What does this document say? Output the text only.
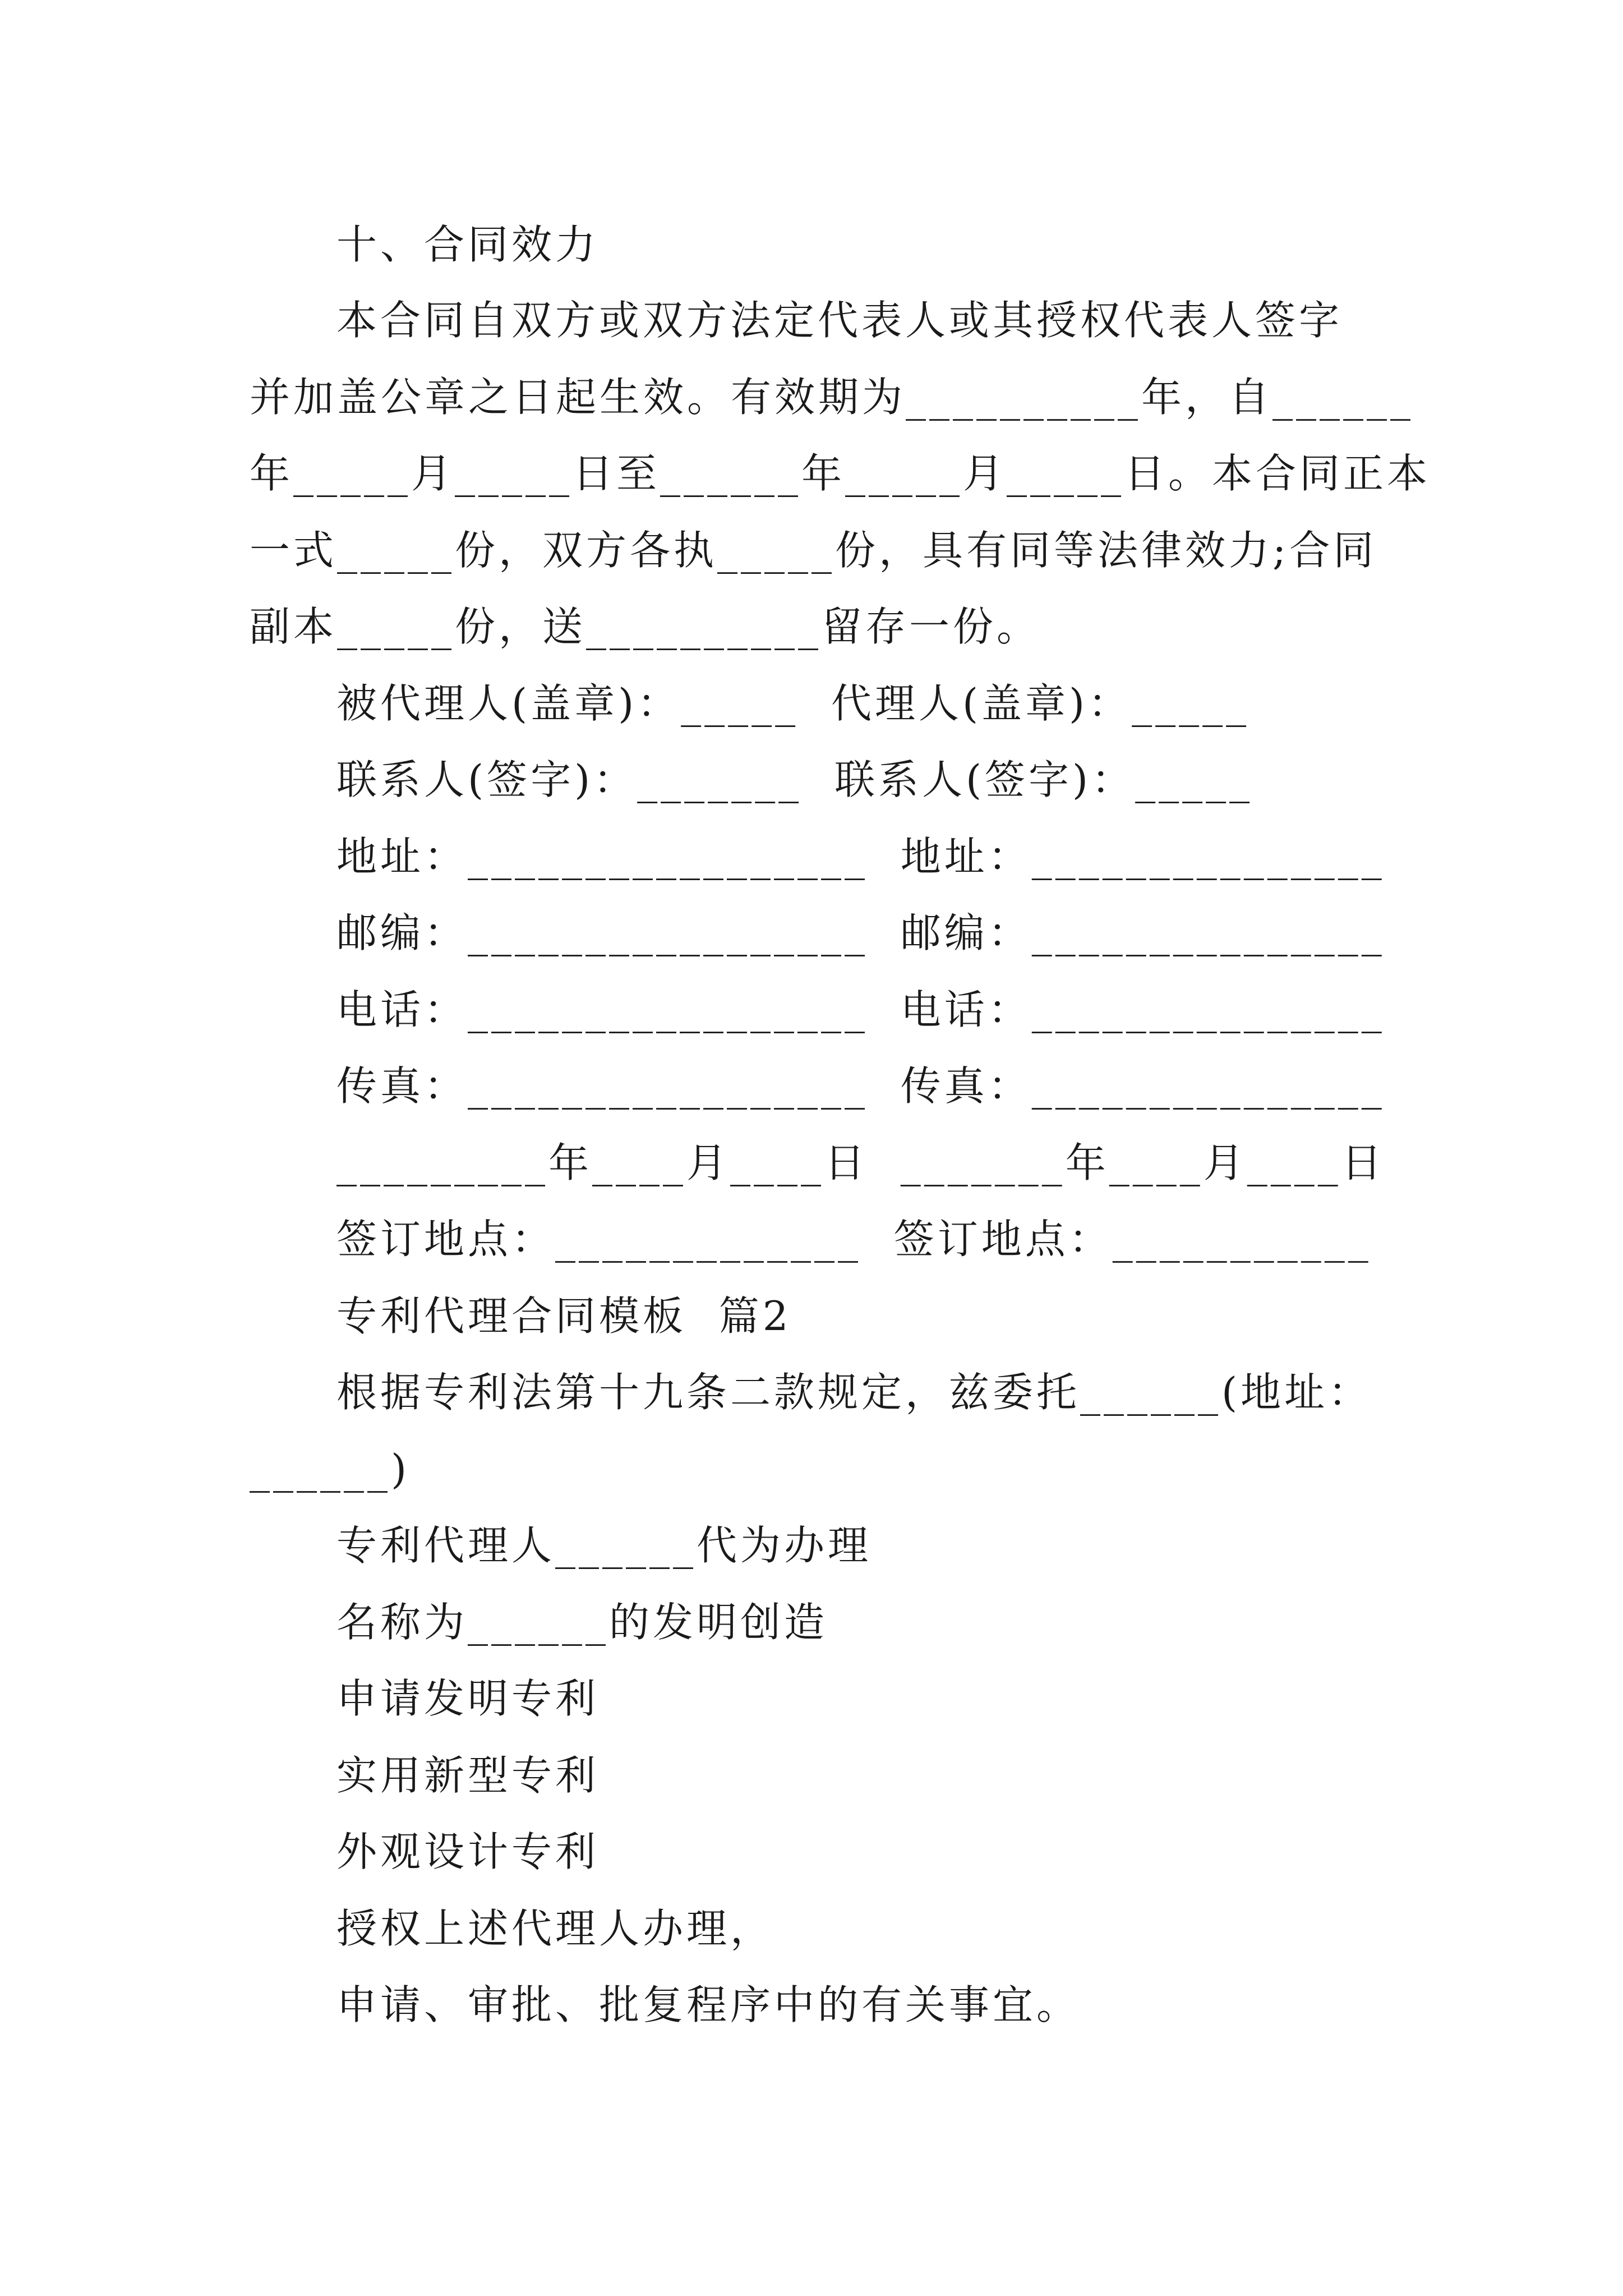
十、合同效力
本合同自双方或双方法定代表人或其授权代表人签字
并加盖公章之日起生效。有效期为__________年，自______
年_____月_____日至______年_____月_____日。本合同正本
一式_____份，双方各执_____份，具有同等法律效力;合同
副本_____份，送__________留存一份。
被代理人(盖章)：_____  代理人(盖章)：_____
联系人(签字)：_______  联系人(签字)：_____
地址：_________________  地址：_______________
邮编：_________________  邮编：_______________
电话：_________________  电话：_______________
传真：_________________  传真：_______________
_________年____月____日  _______年____月____日
签订地点：_____________  签订地点：___________
专利代理合同模板  篇2
根据专利法第十九条二款规定，兹委托______(地址：
______)
专利代理人______代为办理
名称为______的发明创造
申请发明专利
实用新型专利
外观设计专利
授权上述代理人办理，
申请、审批、批复程序中的有关事宜。
